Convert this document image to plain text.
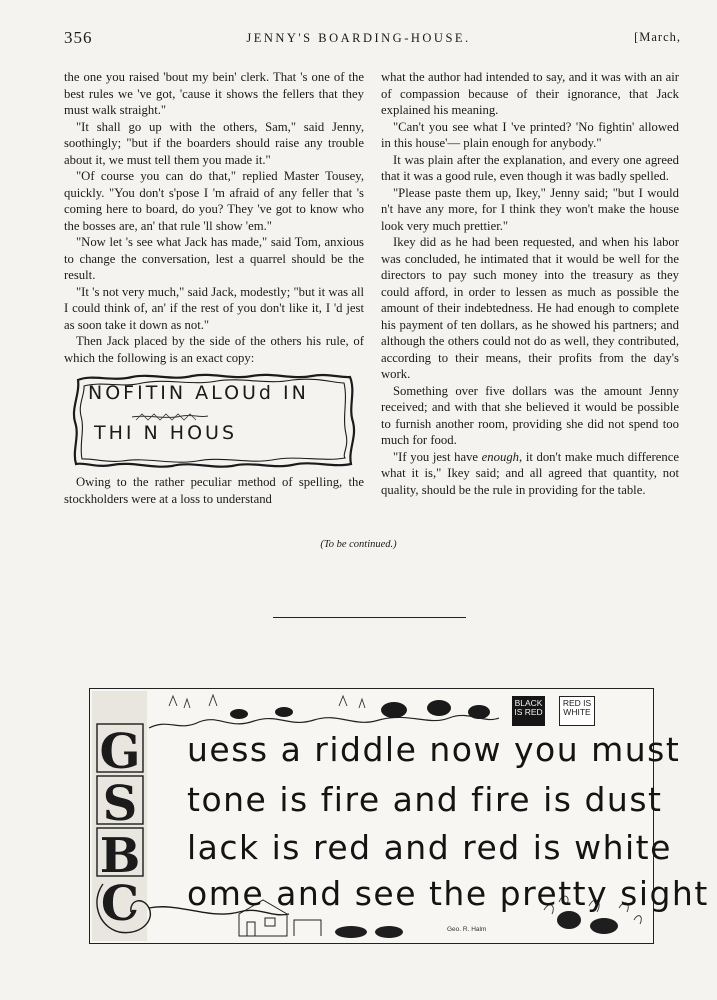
356	JENNY'S BOARDING-HOUSE.	[March,

the one you raised 'bout my bein' clerk. That 's one of the best rules we 've got, 'cause it shows the fellers that they must walk straight."

"It shall go up with the others, Sam," said Jenny, soothingly; "but if the boarders should raise any trouble about it, we must tell them you made it."

"Of course you can do that," replied Master Tousey, quickly. "You don't s'pose I 'm afraid of any feller that 's coming here to board, do you? They 've got to know who the bosses are, an' that rule 'll show 'em."

"Now let 's see what Jack has made," said Tom, anxious to change the conversation, lest a quarrel should be the result.

"It 's not very much," said Jack, modestly; "but it was all I could think of, an' if the rest of you don't like it, I 'd jest as soon take it down as not."

Then Jack placed by the side of the others his rule, of which the following is an exact copy:

NOFITIN ALOUd IN
THI N HOUS

Owing to the rather peculiar method of spelling, the stockholders were at a loss to understand

what the author had intended to say, and it was with an air of compassion because of their ignorance, that Jack explained his meaning.

"Can't you see what I 've printed? 'No fightin' allowed in this house'— plain enough for anybody."

It was plain after the explanation, and every one agreed that it was a good rule, even though it was badly spelled.

"Please paste them up, Ikey," Jenny said; "but I would n't have any more, for I think they won't make the house look very much prettier."

Ikey did as he had been requested, and when his labor was concluded, he intimated that it would be well for the directors to pay such money into the treasury as they could afford, in order to lessen as much as possible the amount of their indebtedness. He had enough to complete his payment of ten dollars, as he showed his partners; and although the others could not do as well, they contributed, according to their means, their profits from the day's work.

Something over five dollars was the amount Jenny received; and with that she believed it would be possible to furnish another room, providing she did not spend too much for food.

"If you jest have enough, it don't make much difference what it is," Ikey said; and all agreed that quantity, not quality, should be the rule in providing for the table.

(To be continued.)
BLACK IS RED
RED IS WHITE
G
S
B
C
uess a riddle now you must
tone is fire and fire is dust
lack is red and red is white
ome and see the pretty sight
Geo. R. Halm
